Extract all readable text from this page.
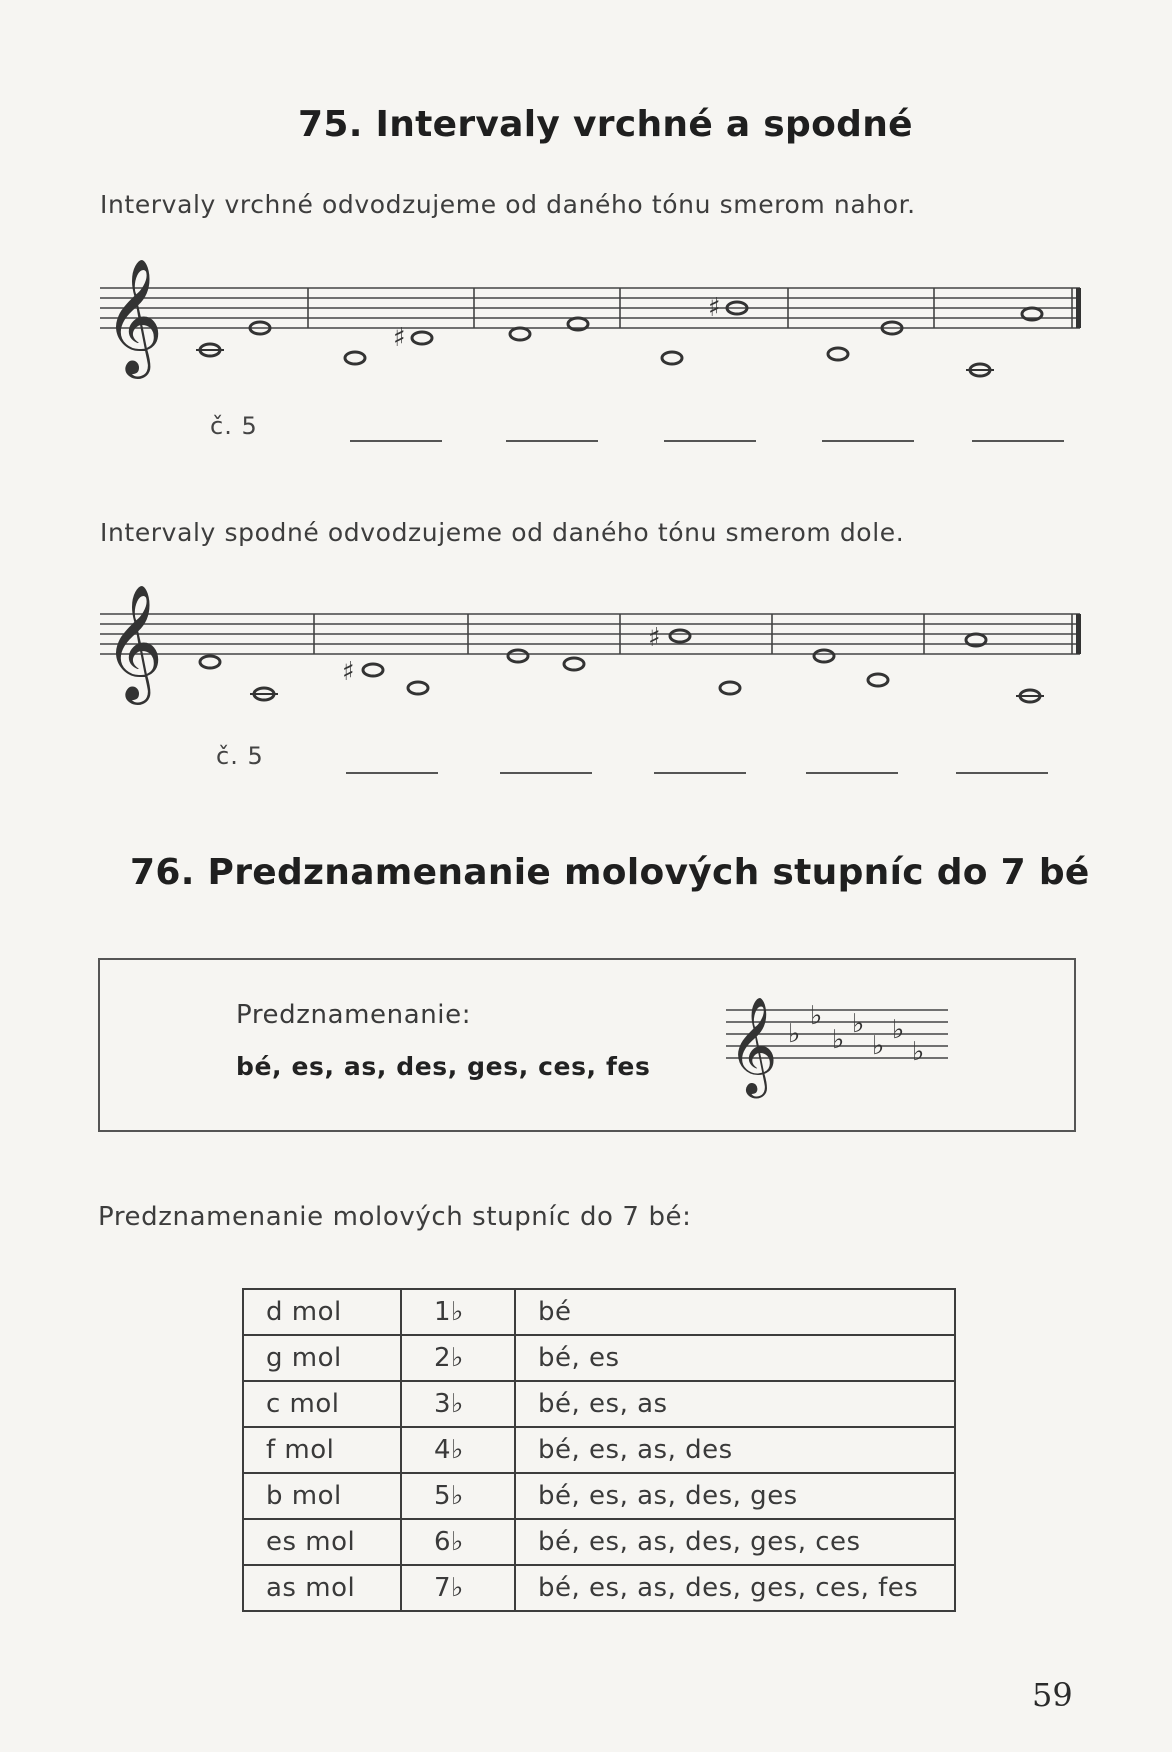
75. Intervaly vrchné a spodné
Intervaly vrchné odvodzujeme od daného tónu smerom nahor.
𝄞	♯
♯
č. 5
Intervaly spodné odvodzujeme od daného tónu smerom dole.
𝄞	♯
♯
č. 5
76. Predznamenanie molových stupníc do 7 bé
Predznamenanie:
bé, es, as, des, ges, ces, fes 𝄞 ♭
♭
♭
♭
♭
♭
♭
Predznamenanie molových stupníc do 7 bé:
d mol	1♭	bé
g mol	2♭	bé, es
c mol	3♭	bé, es, as
f mol	4♭	bé, es, as, des
b mol	5♭	bé, es, as, des, ges
es mol	6♭	bé, es, as, des, ges, ces
as mol	7♭	bé, es, as, des, ges, ces, fes
59
